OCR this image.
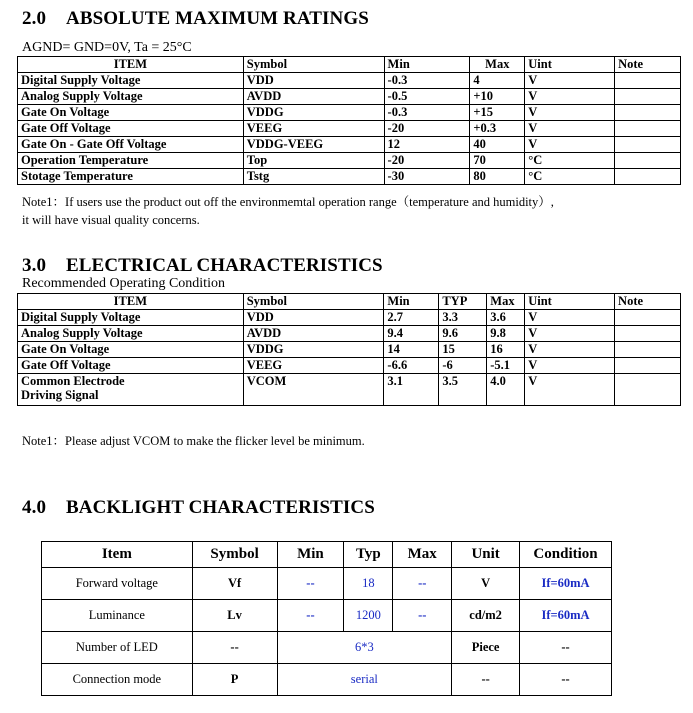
2.0 ABSOLUTE MAXIMUM RATINGS
AGND= GND=0V, Ta = 25°C
ITEM	Symbol	Min	Max	Uint	Note
Digital Supply Voltage	VDD	-0.3	4	V	
Analog Supply Voltage	AVDD	-0.5	+10	V	
Gate On Voltage	VDDG	-0.3	+15	V	
Gate Off Voltage	VEEG	-20	+0.3	V	
Gate On - Gate Off Voltage	VDDG-VEEG	12	40	V	
Operation Temperature	Top	-20	70	°C	
Stotage Temperature	Tstg	-30	80	°C	
Note1：If users use the product out off the environmemtal operation range（temperature and humidity）,
it will have visual quality concerns.
3.0 ELECTRICAL CHARACTERISTICS
Recommended Operating Condition
ITEM	Symbol	Min	TYP	Max	Uint	Note
Digital Supply Voltage	VDD	2.7	3.3	3.6	V	
Analog Supply Voltage	AVDD	9.4	9.6	9.8	V	
Gate On Voltage	VDDG	14	15	16	V	
Gate Off Voltage	VEEG	-6.6	-6	-5.1	V	

Common Electrode
Driving Signal	VCOM	3.1	3.5	4.0	V	
Note1：Please adjust VCOM to make the flicker level be minimum.
4.0 BACKLIGHT CHARACTERISTICS
Item	Symbol	Min	Typ	Max	Unit	Condition
Forward voltage	Vf	--	18	--	V	If=60mA
Luminance	Lv	--	1200	--	cd/m2	If=60mA
Number of LED	--	6*3			Piece	--
Connection mode	P	serial			--	--
